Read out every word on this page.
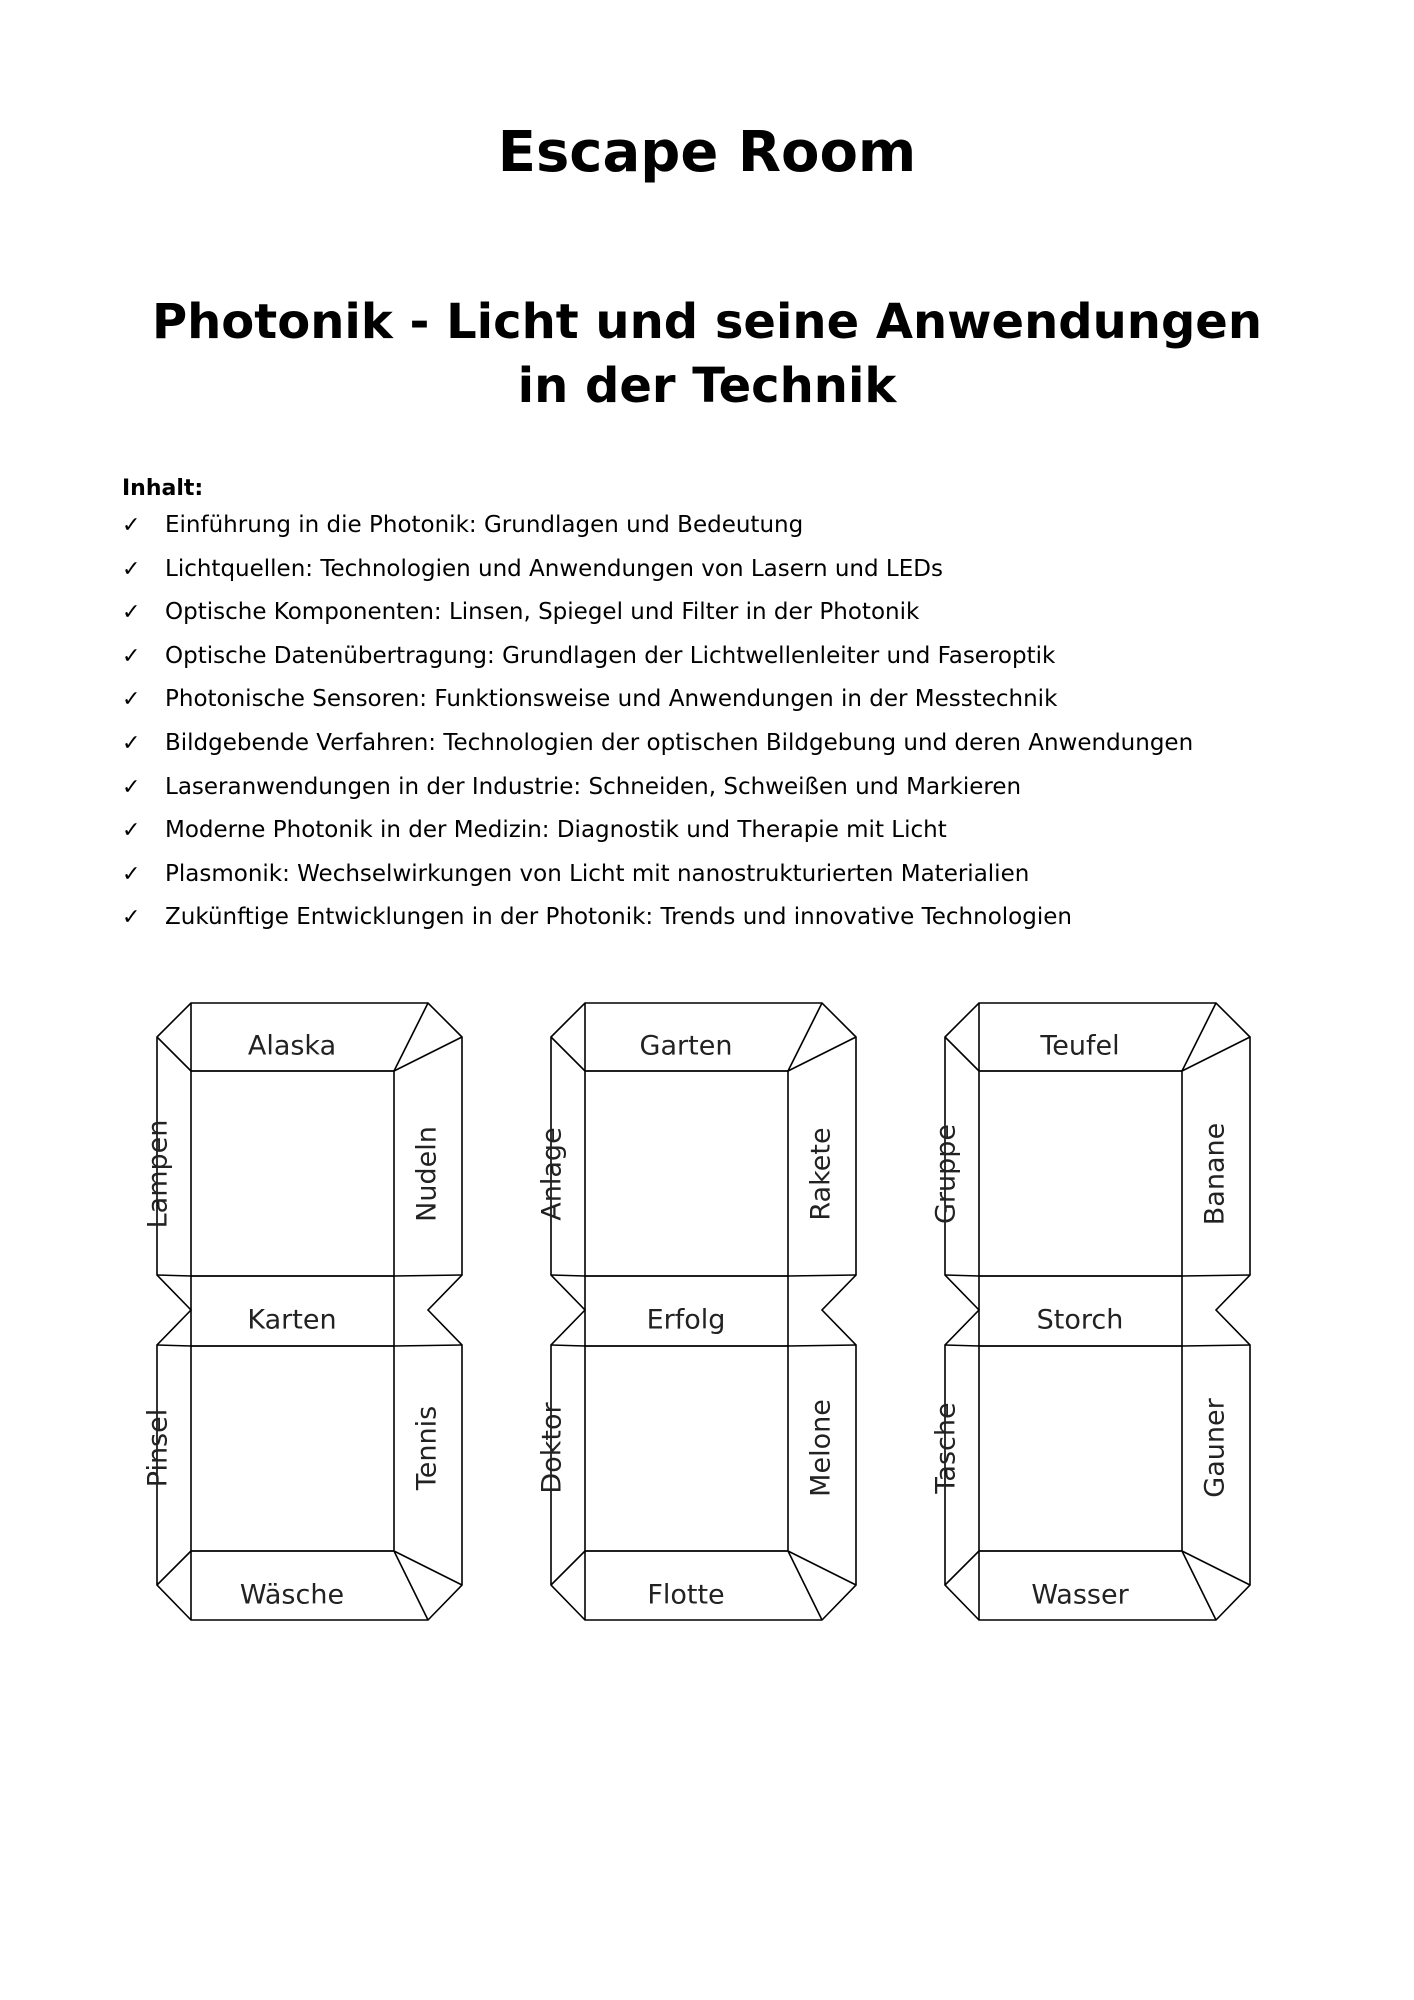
Escape Room
Photonik - Licht und seine Anwendungen in der Technik
Inhalt:
✓ Einführung in die Photonik: Grundlagen und Bedeutung
✓ Lichtquellen: Technologien und Anwendungen von Lasern und LEDs
✓ Optische Komponenten: Linsen, Spiegel und Filter in der Photonik
✓ Optische Datenübertragung: Grundlagen der Lichtwellenleiter und Faseroptik
✓ Photonische Sensoren: Funktionsweise und Anwendungen in der Messtechnik
✓ Bildgebende Verfahren: Technologien der optischen Bildgebung und deren Anwendungen
✓ Laseranwendungen in der Industrie: Schneiden, Schweißen und Markieren
✓ Moderne Photonik in der Medizin: Diagnostik und Therapie mit Licht
✓ Plasmonik: Wechselwirkungen von Licht mit nanostrukturierten Materialien
✓ Zukünftige Entwicklungen in der Photonik: Trends und innovative Technologien
Alaska
Karten
Wäsche
Lampen	Nudeln
Pinsel	Tennis
Garten
Erfolg
Flotte
Anlage	Rakete
Doktor	Melone
Teufel
Storch
Wasser
Gruppe	Banane
Tasche	Gauner
